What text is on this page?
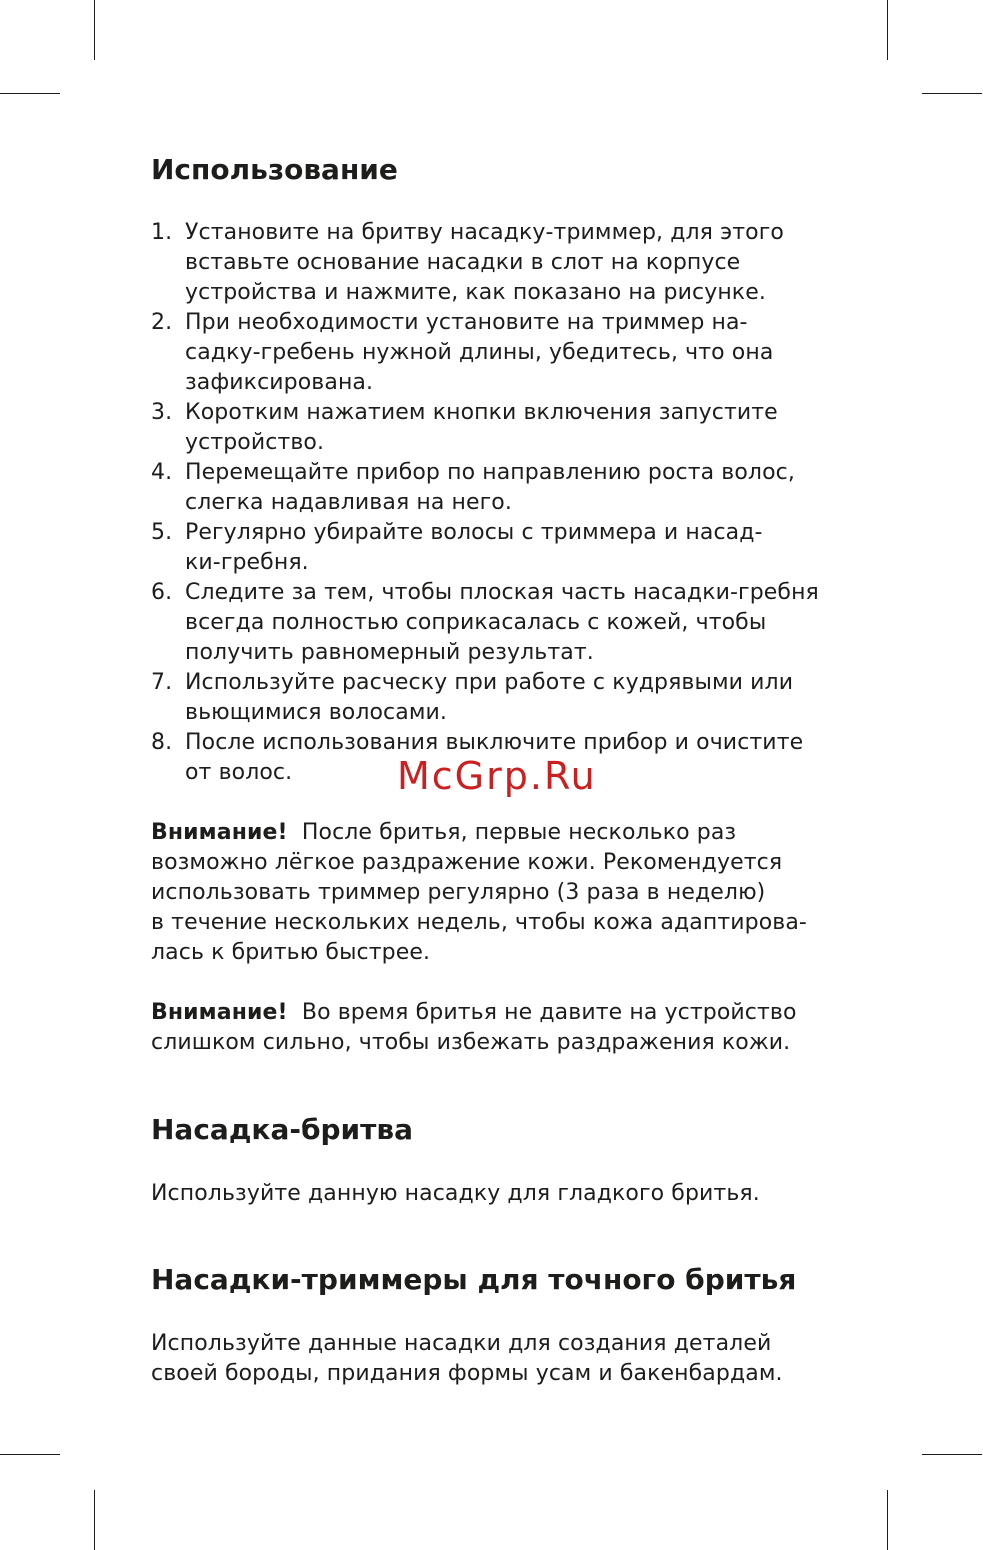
Использование
1. Установите на бритву насадку-триммер, для этого
вставьте основание насадки в слот на корпусе
устройства и нажмите, как показано на рисунке.
2. При необходимости установите на триммер на-
садку-гребень нужной длины, убедитесь, что она
зафиксирована.
3. Коротким нажатием кнопки включения запустите
устройство.
4. Перемещайте прибор по направлению роста волос,
слегка надавливая на него.
5. Регулярно убирайте волосы с триммера и насад-
ки-гребня.
6. Следите за тем, чтобы плоская часть насадки-гребня
всегда полностью соприкасалась с кожей, чтобы
получить равномерный результат.
7. Используйте расческу при работе с кудрявыми или
вьющимися волосами.
8. После использования выключите прибор и очистите
от волос.
Внимание! После бритья, первые несколько раз
возможно лёгкое раздражение кожи. Рекомендуется
использовать триммер регулярно (3 раза в неделю)
в течение нескольких недель, чтобы кожа адаптирова-
лась к бритью быстрее.
Внимание! Во время бритья не давите на устройство
слишком сильно, чтобы избежать раздражения кожи.
Насадка-бритва
Используйте данную насадку для гладкого бритья.
Насадки-триммеры для точного бритья
Используйте данные насадки для создания деталей
своей бороды, придания формы усам и бакенбардам.
McGrp.Ru
